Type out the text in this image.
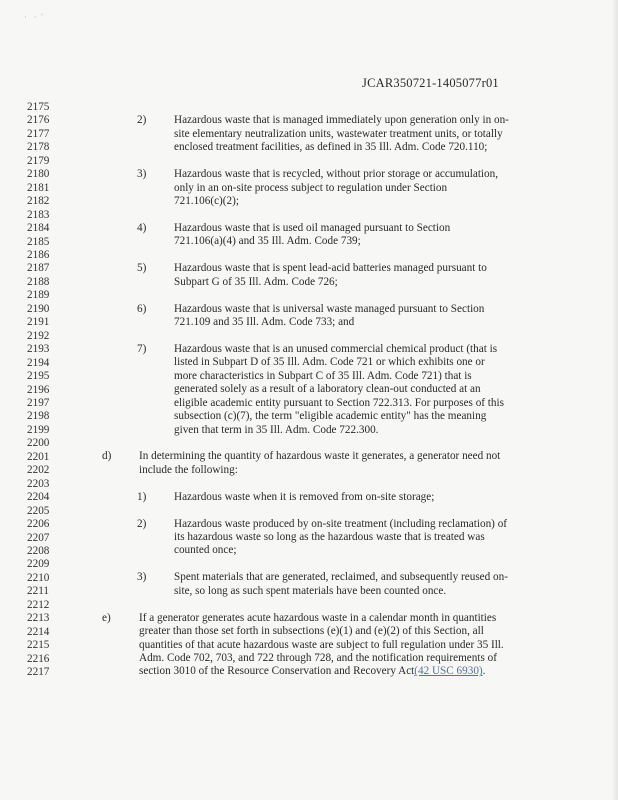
·   ·  '
JCAR350721-1405077r01
2175
2176
2177
2178
2179
2180
2181
2182
2183
2184
2185
2186
2187
2188
2189
2190
2191
2192
2193
2194
2195
2196
2197
2198
2199
2200
2201
2202
2203
2204
2205
2206
2207
2208
2209
2210
2211
2212
2213
2214
2215
2216
2217
2) Hazardous waste that is managed immediately upon generation only in on-
site elementary neutralization units, wastewater treatment units, or totally
enclosed treatment facilities, as defined in 35 Ill. Adm. Code 720.110;
3) Hazardous waste that is recycled, without prior storage or accumulation,
only in an on-site process subject to regulation under Section
721.106(c)(2);
4) Hazardous waste that is used oil managed pursuant to Section
721.106(a)(4) and 35 Ill. Adm. Code 739;
5) Hazardous waste that is spent lead-acid batteries managed pursuant to
Subpart G of 35 Ill. Adm. Code 726;
6) Hazardous waste that is universal waste managed pursuant to Section
721.109 and 35 Ill. Adm. Code 733; and
7) Hazardous waste that is an unused commercial chemical product (that is
listed in Subpart D of 35 Ill. Adm. Code 721 or which exhibits one or
more characteristics in Subpart C of 35 Ill. Adm. Code 721) that is
generated solely as a result of a laboratory clean-out conducted at an
eligible academic entity pursuant to Section 722.313. For purposes of this
subsection (c)(7), the term "eligible academic entity" has the meaning
given that term in 35 Ill. Adm. Code 722.300.
d) In determining the quantity of hazardous waste it generates, a generator need not
include the following:
1) Hazardous waste when it is removed from on-site storage;
2) Hazardous waste produced by on-site treatment (including reclamation) of
its hazardous waste so long as the hazardous waste that is treated was
counted once;
3) Spent materials that are generated, reclaimed, and subsequently reused on-
site, so long as such spent materials have been counted once.
e)	If a generator generates acute hazardous waste in a calendar month in quantities
greater than those set forth in subsections (e)(1) and (e)(2) of this Section, all
quantities of that acute hazardous waste are subject to full regulation under 35 Ill.
Adm. Code 702, 703, and 722 through 728, and the notification requirements of
section 3010 of the Resource Conservation and Recovery Act(42 USC 6930).
